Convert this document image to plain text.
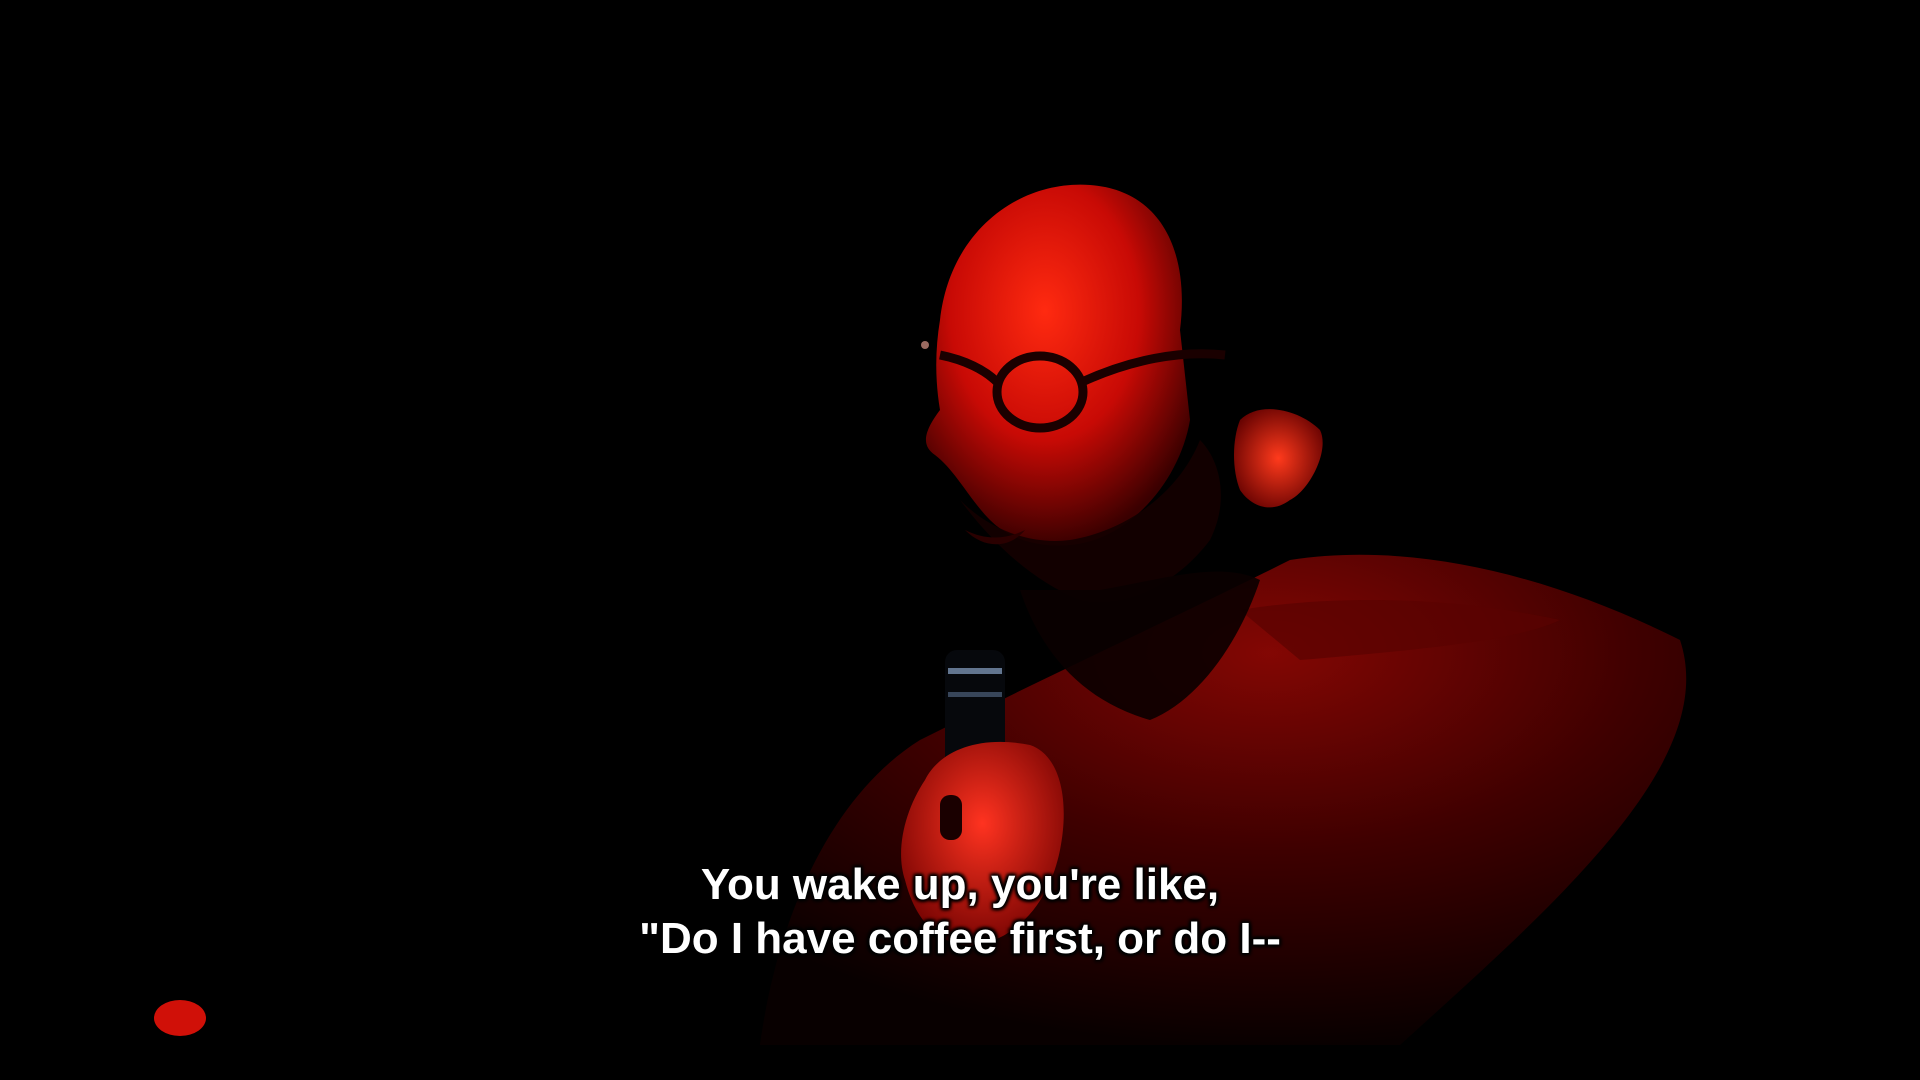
You wake up, you're like,
"Do I have coffee first, or do I--
